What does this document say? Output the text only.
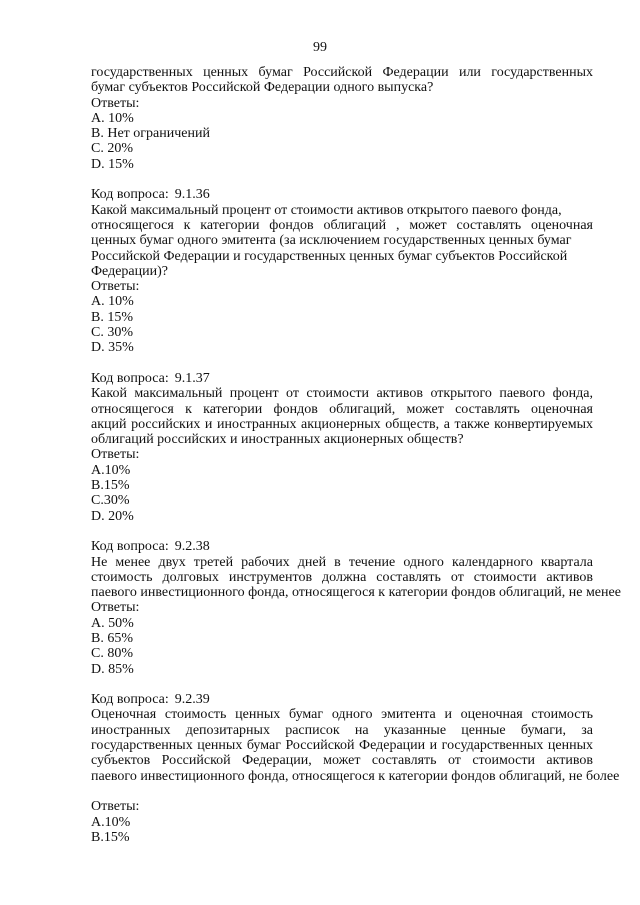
99
государственных ценных бумаг Российской Федерации или государственных
бумаг субъектов Российской Федерации одного выпуска?
Ответы:
A. 10%
B. Нет ограничений
C. 20%
D. 15%
Код вопроса: 9.1.36
Какой максимальный процент от стоимости активов открытого паевого фонда,
относящегося к категории фондов облигаций , может составлять оценочная
ценных бумаг одного эмитента (за исключением государственных ценных бумаг
Российской Федерации и государственных ценных бумаг субъектов Российской
Федерации)?
Ответы:
A. 10%
B. 15%
C. 30%
D. 35%
Код вопроса: 9.1.37
Какой максимальный процент от стоимости активов открытого паевого фонда,
относящегося к категории фондов облигаций, может составлять оценочная
акций российских и иностранных акционерных обществ, а также конвертируемых
облигаций российских и иностранных акционерных обществ?
Ответы:
A.10%
B.15%
C.30%
D. 20%
Код вопроса: 9.2.38
Не менее двух третей рабочих дней в течение одного календарного квартала
стоимость долговых инструментов должна составлять от стоимости активов
паевого инвестиционного фонда, относящегося к категории фондов облигаций, не менее
Ответы:
A. 50%
B. 65%
C. 80%
D. 85%
Код вопроса: 9.2.39
Оценочная стоимость ценных бумаг одного эмитента и оценочная стоимость
иностранных депозитарных расписок на указанные ценные бумаги, за
государственных ценных бумаг Российской Федерации и государственных ценных
субъектов Российской Федерации, может составлять от стоимости активов
паевого инвестиционного фонда, относящегося к категории фондов облигаций, не более
Ответы:
A.10%
B.15%
